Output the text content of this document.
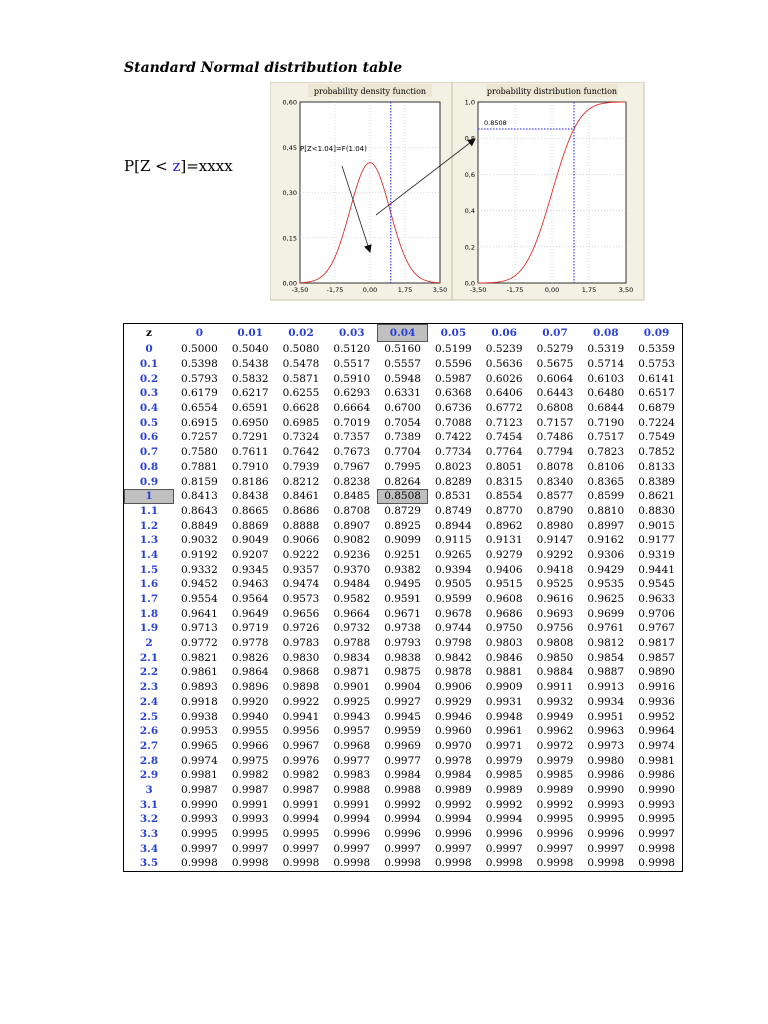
Standard Normal distribution table
P[Z < z]=xxxx
probability density function
-3,50	-1,75	0,00	1,75	3,50
0,60
0,45
0,30
0,15
0,00
probability distribution function
-3,50	-1,75	0,00	1,75	3,50
1,0
0,8
0,6
0,4
0,2
0,0
0.8508
P[Z<1.04]=F(1.04)
z	0	0.01	0.02	0.03	0.04	0.05	0.06	0.07	0.08	0.09
0	0.5000	0.5040	0.5080	0.5120	0.5160	0.5199	0.5239	0.5279	0.5319	0.5359
0.1	0.5398	0.5438	0.5478	0.5517	0.5557	0.5596	0.5636	0.5675	0.5714	0.5753
0.2	0.5793	0.5832	0.5871	0.5910	0.5948	0.5987	0.6026	0.6064	0.6103	0.6141
0.3	0.6179	0.6217	0.6255	0.6293	0.6331	0.6368	0.6406	0.6443	0.6480	0.6517
0.4	0.6554	0.6591	0.6628	0.6664	0.6700	0.6736	0.6772	0.6808	0.6844	0.6879
0.5	0.6915	0.6950	0.6985	0.7019	0.7054	0.7088	0.7123	0.7157	0.7190	0.7224
0.6	0.7257	0.7291	0.7324	0.7357	0.7389	0.7422	0.7454	0.7486	0.7517	0.7549
0.7	0.7580	0.7611	0.7642	0.7673	0.7704	0.7734	0.7764	0.7794	0.7823	0.7852
0.8	0.7881	0.7910	0.7939	0.7967	0.7995	0.8023	0.8051	0.8078	0.8106	0.8133
0.9	0.8159	0.8186	0.8212	0.8238	0.8264	0.8289	0.8315	0.8340	0.8365	0.8389
1	0.8413	0.8438	0.8461	0.8485	0.8508	0.8531	0.8554	0.8577	0.8599	0.8621
1.1	0.8643	0.8665	0.8686	0.8708	0.8729	0.8749	0.8770	0.8790	0.8810	0.8830
1.2	0.8849	0.8869	0.8888	0.8907	0.8925	0.8944	0.8962	0.8980	0.8997	0.9015
1.3	0.9032	0.9049	0.9066	0.9082	0.9099	0.9115	0.9131	0.9147	0.9162	0.9177
1.4	0.9192	0.9207	0.9222	0.9236	0.9251	0.9265	0.9279	0.9292	0.9306	0.9319
1.5	0.9332	0.9345	0.9357	0.9370	0.9382	0.9394	0.9406	0.9418	0.9429	0.9441
1.6	0.9452	0.9463	0.9474	0.9484	0.9495	0.9505	0.9515	0.9525	0.9535	0.9545
1.7	0.9554	0.9564	0.9573	0.9582	0.9591	0.9599	0.9608	0.9616	0.9625	0.9633
1.8	0.9641	0.9649	0.9656	0.9664	0.9671	0.9678	0.9686	0.9693	0.9699	0.9706
1.9	0.9713	0.9719	0.9726	0.9732	0.9738	0.9744	0.9750	0.9756	0.9761	0.9767
2	0.9772	0.9778	0.9783	0.9788	0.9793	0.9798	0.9803	0.9808	0.9812	0.9817
2.1	0.9821	0.9826	0.9830	0.9834	0.9838	0.9842	0.9846	0.9850	0.9854	0.9857
2.2	0.9861	0.9864	0.9868	0.9871	0.9875	0.9878	0.9881	0.9884	0.9887	0.9890
2.3	0.9893	0.9896	0.9898	0.9901	0.9904	0.9906	0.9909	0.9911	0.9913	0.9916
2.4	0.9918	0.9920	0.9922	0.9925	0.9927	0.9929	0.9931	0.9932	0.9934	0.9936
2.5	0.9938	0.9940	0.9941	0.9943	0.9945	0.9946	0.9948	0.9949	0.9951	0.9952
2.6	0.9953	0.9955	0.9956	0.9957	0.9959	0.9960	0.9961	0.9962	0.9963	0.9964
2.7	0.9965	0.9966	0.9967	0.9968	0.9969	0.9970	0.9971	0.9972	0.9973	0.9974
2.8	0.9974	0.9975	0.9976	0.9977	0.9977	0.9978	0.9979	0.9979	0.9980	0.9981
2.9	0.9981	0.9982	0.9982	0.9983	0.9984	0.9984	0.9985	0.9985	0.9986	0.9986
3	0.9987	0.9987	0.9987	0.9988	0.9988	0.9989	0.9989	0.9989	0.9990	0.9990
3.1	0.9990	0.9991	0.9991	0.9991	0.9992	0.9992	0.9992	0.9992	0.9993	0.9993
3.2	0.9993	0.9993	0.9994	0.9994	0.9994	0.9994	0.9994	0.9995	0.9995	0.9995
3.3	0.9995	0.9995	0.9995	0.9996	0.9996	0.9996	0.9996	0.9996	0.9996	0.9997
3.4	0.9997	0.9997	0.9997	0.9997	0.9997	0.9997	0.9997	0.9997	0.9997	0.9998
3.5	0.9998	0.9998	0.9998	0.9998	0.9998	0.9998	0.9998	0.9998	0.9998	0.9998
